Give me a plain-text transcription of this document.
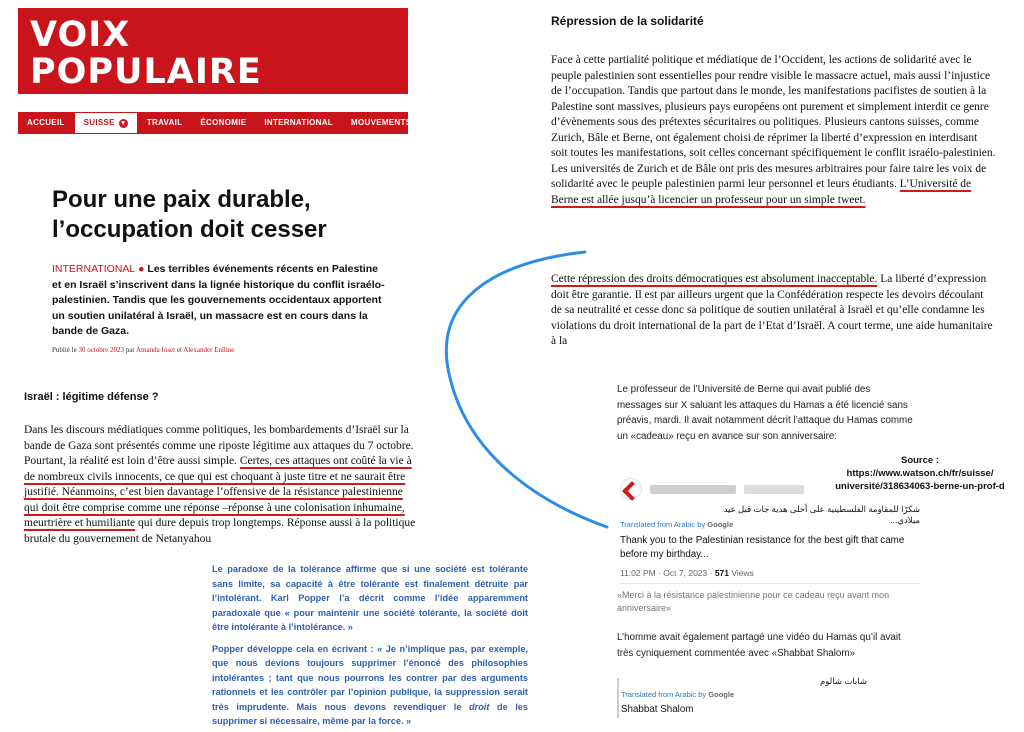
VOIX
POPULAIRE
ACCUEIL	SUISSE ▾	TRAVAIL	ÉCONOMIE	INTERNATIONAL	MOUVEMENTS
Pour une paix durable, l’occupation doit cesser

INTERNATIONAL ● Les terribles événements récents en Palestine et en Israël s’inscrivent dans la lignée historique du conflit israélo-palestinien. Tandis que les gouvernements occidentaux apportent un soutien unilatéral à Israël, un massacre est en cours dans la bande de Gaza.

Publié le 30 octobre 2023 par Amanda Ioset et Alexander Eniline
Israël : légitime défense ?

Dans les discours médiatiques comme politiques, les bombardements d’Israël sur la bande de Gaza sont présentés comme une riposte légitime aux attaques du 7 octobre. Pourtant, la réalité est loin d’être aussi simple. Certes, ces attaques ont coûté la vie à de nombreux civils innocents, ce que qui est choquant à juste titre et ne saurait être justifié. Néanmoins, c’est bien davantage l’offensive de la résistance palestinienne qui doit être comprise comme une réponse –réponse à une colonisation inhumaine, meurtrière et humiliante qui dure depuis trop longtemps. Réponse aussi à la politique brutale du gouvernement de Netanyahou

Le paradoxe de la tolérance affirme que si une société est tolérante sans limite, sa capacité à être tolérante est finalement détruite par l’intolérant. Karl Popper l’a décrit comme l’idée apparemment paradoxale que « pour maintenir une société tolérante, la société doit être intolérante à l’intolérance. »

Popper développe cela en écrivant : « Je n’implique pas, par exemple, que nous devions toujours supprimer l’énoncé des philosophies intolérantes ; tant que nous pourrons les contrer par des arguments rationnels et les contrôler par l’opinion publique, la suppression serait très imprudente. Mais nous devons revendiquer le droit de les supprimer si nécessaire, même par la force. »

Répression de la solidarité

Face à cette partialité politique et médiatique de l’Occident, les actions de solidarité avec le peuple palestinien sont essentielles pour rendre visible le massacre actuel, mais aussi l’injustice de l’occupation. Tandis que partout dans le monde, les manifestations pacifistes de soutien à la Palestine sont massives, plusieurs pays européens ont purement et simplement interdit ce genre d’évènements sous des prétextes sécuritaires ou politiques. Plusieurs cantons suisses, comme Zurich, Bâle et Berne, ont également choisi de réprimer la liberté d’expression en interdisant soit toutes les manifestations, soit celles concernant spécifiquement le conflit israélo-palestinien. Les universités de Zurich et de Bâle ont pris des mesures arbitraires pour faire taire les voix de solidarité avec le peuple palestinien parmi leur personnel et leurs étudiants. L’Université de Berne est allée jusqu’à licencier un professeur pour un simple tweet.

Cette répression des droits démocratiques est absolument inacceptable. La liberté d’expression doit être garantie. Il est par ailleurs urgent que la Confédération respecte les devoirs découlant de sa neutralité et cesse donc sa politique de soutien unilatéral à Israël et qu’elle condamne les violations du droit international de la part de l’Etat d’Israël. A court terme, une aide humanitaire à la

Le professeur de l’Université de Berne qui avait publié des messages sur X saluant les attaques du Hamas a été licencié sans préavis, mardi. Il avait notamment décrit l’attaque du Hamas comme un «cadeau» reçu en avance sur son anniversaire:

Source :
https://www.watson.ch/fr/suisse/
université/318634063-berne-un-prof-d
شكرًا للمقاومة الفلسطينية على أحلى هدية جات قبل عيد ميلادي...
Translated from Arabic by Google
Thank you to the Palestinian resistance for the best gift that came before my birthday...
11:02 PM · Oct 7, 2023 · 571 Views

«Merci à la résistance palestinienne pour ce cadeau reçu avant mon anniversaire»

L’homme avait également partagé une vidéo du Hamas qu’il avait très cyniquement commentée avec «Shabbat Shalom»

شابات شالوم
Translated from Arabic by Google
Shabbat Shalom
